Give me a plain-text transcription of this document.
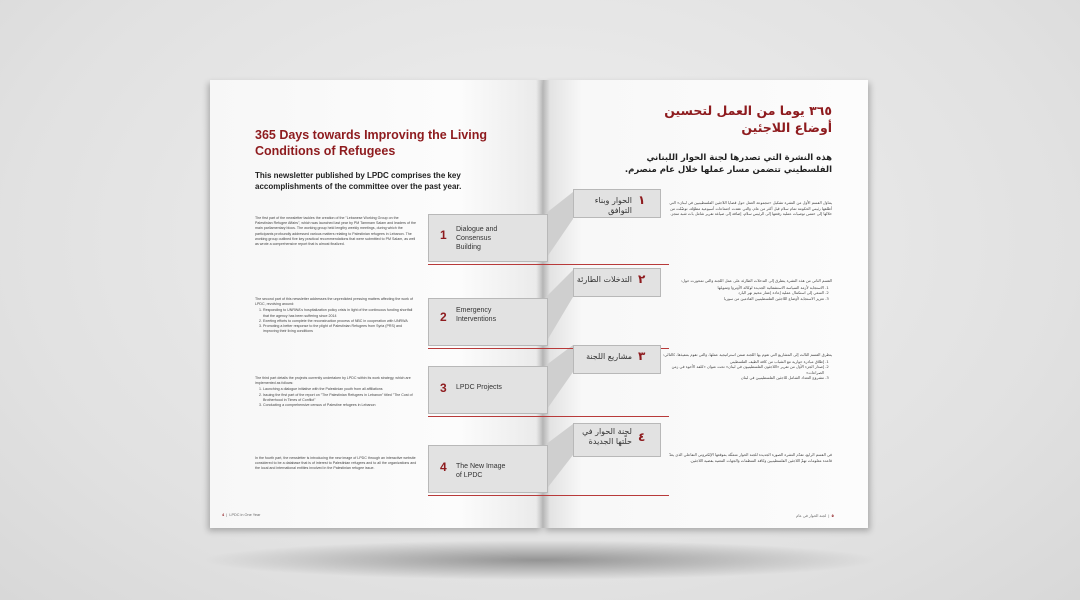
365 Days towards Improving the Living Conditions of Refugees
This newsletter published by LPDC comprises the key accomplishments of the committee over the past year.
The first part of the newsletter tackles the creation of the "Lebanese Working Group on the Palestinian Refugee Affairs", which was launched last year by PM Tammam Salam and leaders of the main parliamentary blocs. The working group held lengthy weekly meetings, during which the participants profoundly addressed various matters relating to Palestinian refugees in Lebanon. The working group outlined five key practical recommendations that were submitted to PM Salam, as well as wrote a comprehensive report that is almost finalized.
The second part of this newsletter addresses the unpredicted pressing matters affecting the work of LPDC, revolving around:
1. Responding to UNRWA's hospitalization policy crisis in light of the continuous funding shortfall that the agency has been suffering since 2014
2. Exerting efforts to complete the reconstruction process of NBC in cooperation with UNRWA
3. Promoting a better response to the plight of Palestinian Refugees from Syria (PRS) and improving their living conditions
The third part details the projects currently undertaken by LPDC within its work strategy, which are implemented as follows:
1. Launching a dialogue initiative with the Palestinian youth from all affiliations
2. Issuing the first part of the report on "The Palestinian Refugees in Lebanon" titled "The Cost of Brotherhood in Times of Conflict"
3. Conducting a comprehensive census of Palestine refugees in Lebanon
In the fourth part, the newsletter is introducing the new image of LPDC through an interactive website considered to be a database that is of interest to Palestinian refugees and to all the organizations and the local and international entities involved in the Palestinian refugee issue.
1 Dialogue and Consensus Building
2 Emergency Interventions
3 LPDC Projects
4 The New Image of LPDC
4  |  LPDC in One Year
٣٦٥ يوما من العمل لتحسين أوضاع اللاجئين
هذه النشرة التي تصدرها لجنة الحوار اللبناني الفلسطيني تتضمن مسار عملها خلال عام منصرم.
١
الحوار وبناء التوافق
٢
التدخلات الطارئة
٣
مشاريع اللجنة
٤
لجنة الحوار في حلّتها الجديدة
يتناول القسم الأول من النشرة تشكيل «مجموعة العمل حول قضايا اللاجئين الفلسطينيين في لبنان» التي أطلقها رئيس الحكومة تمام سلام قبل أكثر من عام، والتي عقدت اجتماعات أسبوعية مطوّلة، توصّلت من خلالها إلى خمس توصيات عملية رفعتها إلى الرئيس سلام، إضافة إلى صياغة تقرير شامل بات شبه منجز.
القسم الثاني من هذه النشرة يتطرق إلى التدخلات الطارئة على عمل اللجنة والتي تمحورت حول:
1. الاستجابة لأزمة السياسة الاستشفائية الجديدة لوكالة الأونروا وتمويلها
2. السعي إلى استكمال عملية إعادة إعمار مخيم نهر البارد
3. تعزيز الاستجابة لأوضاع اللاجئين الفلسطينيين القادمين من سوريا
يتطرق القسم الثالث إلى المشاريع التي تقوم بها اللجنة ضمن استراتيجية عملها، والتي تقوم بتنفيذها، كالتالي:
1. إطلاق مبادرة حوارية مع الشباب من كافة الطيف الفلسطيني
2. إصدار الجزء الأول من تقرير «اللاجئون الفلسطينيون في لبنان» تحت عنوان «كلفة الأخوة في زمن الصراعات»
3. مشروع التعداد الشامل للاجئين الفلسطينيين في لبنان
في القسم الرابع، تقدّم النشرة الصورة الجديدة للجنة الحوار متمثّلة بموقعها الإلكتروني التفاعلي الذي يعدّ قاعدة معلومات تهمّ اللاجئين الفلسطينيين وكافة المنظمات والجهات المعنية بقضية اللاجئين.
٥  |  لجنة الحوار في عام
